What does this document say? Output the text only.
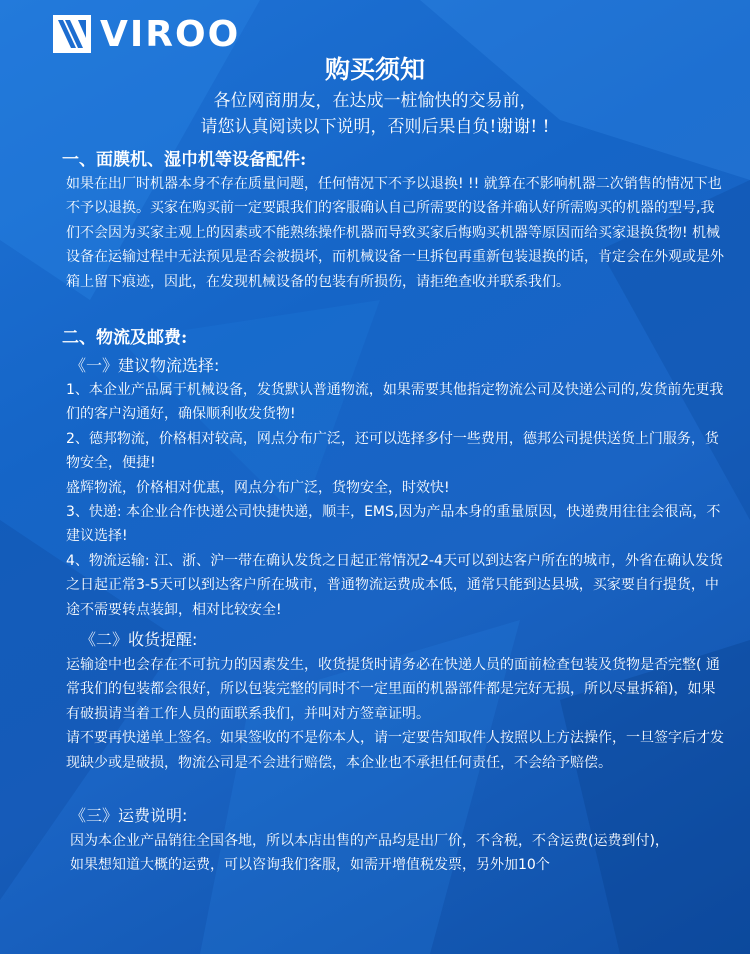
VIROO
购买须知
各位网商朋友，在达成一桩愉快的交易前，
请您认真阅读以下说明，否则后果自负!谢谢! !
一、面膜机、湿巾机等设备配件:
如果在出厂时机器本身不存在质量问题，任何情况下不予以退换! !! 就算在不影响机器二次销售的情况下也不予以退换。买家在购买前一定要跟我们的客服确认自己所需要的设备并确认好所需购买的机器的型号,我们不会因为买家主观上的因素或不能熟练操作机器而导致买家后悔购买机器等原因而给买家退换货物! 机械设备在运输过程中无法预见是否会被损坏，而机械设备一旦拆包再重新包装退换的话，肯定会在外观或是外箱上留下痕迹，因此，在发现机械设备的包装有所损伤，请拒绝查收并联系我们。
二、物流及邮费:
《一》建议物流选择:

1、本企业产品属于机械设备，发货默认普通物流，如果需要其他指定物流公司及快递公司的,发货前先更我们的客户沟通好，确保顺利收发货物!

2、德邦物流，价格相对较高，网点分布广泛，还可以选择多付一些费用，德邦公司提供送货上门服务，货物安全，便捷!

盛辉物流，价格相对优惠，网点分布广泛，货物安全，时效快!

3、快递: 本企业合作快递公司快捷快递，顺丰，EMS,因为产品本身的重量原因，快递费用往往会很高，不建议选择!

4、物流运输: 江、浙、沪一带在确认发货之日起正常情况2-4天可以到达客户所在的城市，外省在确认发货之日起正常3-5天可以到达客户所在城市，普通物流运费成本低，通常只能到达县城，买家要自行提货，中途不需要转点装卸，相对比较安全!

《二》收货提醒:

运输途中也会存在不可抗力的因素发生，收货提货时请务必在快递人员的面前检查包装及货物是否完整( 通常我们的包装都会很好，所以包装完整的同时不一定里面的机器部件都是完好无损，所以尽量拆箱)，如果有破损请当着工作人员的面联系我们，并叫对方签章证明。

请不要再快递单上签名。如果签收的不是你本人，请一定要告知取件人按照以上方法操作，一旦签字后才发现缺少或是破损，物流公司是不会进行赔偿，本企业也不承担任何责任，不会给予赔偿。

《三》运费说明:

因为本企业产品销往全国各地，所以本店出售的产品均是出厂价，不含税，不含运费(运费到付)，如果想知道大概的运费，可以咨询我们客服，如需开增值税发票，另外加10个
